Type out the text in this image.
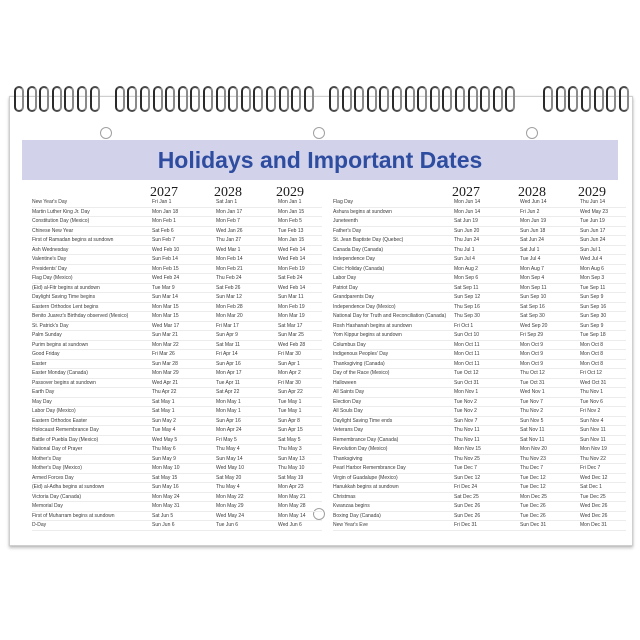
Holidays and Important Dates
2027	2028 2029	2027	2028 2029
New Year's Day	Fri Jan 1	Sat Jan 1	Mon Jan 1
Martin Luther King Jr. Day	Mon Jan 18	Mon Jan 17	Mon Jan 15
Constitution Day (Mexico)	Mon Feb 1	Mon Feb 7	Mon Feb 5
Chinese New Year	Sat Feb 6	Wed Jan 26	Tue Feb 13
First of Ramadan begins at sundown	Sun Feb 7	Thu Jan 27	Mon Jan 15
Ash Wednesday	Wed Feb 10	Wed Mar 1	Wed Feb 14
Valentine's Day	Sun Feb 14	Mon Feb 14	Wed Feb 14
Presidents' Day	Mon Feb 15	Mon Feb 21	Mon Feb 19
Flag Day (Mexico)	Wed Feb 24	Thu Feb 24	Sat Feb 24
(Eid) al-Fitr begins at sundown	Tue Mar 9	Sat Feb 26	Wed Feb 14
Daylight Saving Time begins	Sun Mar 14	Sun Mar 12	Sun Mar 11
Eastern Orthodox Lent begins	Mon Mar 15	Mon Feb 28	Mon Feb 19
Benito Juarez's Birthday observed (Mexico)	Mon Mar 15	Mon Mar 20	Mon Mar 19
St. Patrick's Day	Wed Mar 17	Fri Mar 17	Sat Mar 17
Palm Sunday	Sun Mar 21	Sun Apr 9	Sun Mar 25
Purim begins at sundown	Mon Mar 22	Sat Mar 11	Wed Feb 28
Good Friday	Fri Mar 26	Fri Apr 14	Fri Mar 30
Easter	Sun Mar 28	Sun Apr 16	Sun Apr 1
Easter Monday (Canada)	Mon Mar 29	Mon Apr 17	Mon Apr 2
Passover begins at sundown	Wed Apr 21	Tue Apr 11	Fri Mar 30
Earth Day	Thu Apr 22	Sat Apr 22	Sun Apr 22
May Day	Sat May 1	Mon May 1	Tue May 1
Labor Day (Mexico)	Sat May 1	Mon May 1	Tue May 1
Eastern Orthodox Easter	Sun May 2	Sun Apr 16	Sun Apr 8
Holocaust Remembrance Day	Tue May 4	Mon Apr 24	Sun Apr 15
Battle of Puebla Day (Mexico)	Wed May 5	Fri May 5	Sat May 5
National Day of Prayer	Thu May 6	Thu May 4	Thu May 3
Mother's Day	Sun May 9	Sun May 14	Sun May 13
Mother's Day (Mexico)	Mon May 10	Wed May 10	Thu May 10
Armed Forces Day	Sat May 15	Sat May 20	Sat May 19
(Eid) al-Adha begins at sundown	Sun May 16	Thu May 4	Mon Apr 23
Victoria Day (Canada)	Mon May 24	Mon May 22	Mon May 21
Memorial Day	Mon May 31	Mon May 29	Mon May 28
First of Muharram begins at sundown	Sat Jun 5	Wed May 24	Mon May 14
D-Day	Sun Jun 6	Tue Jun 6	Wed Jun 6
Flag Day	Mon Jun 14	Wed Jun 14	Thu Jun 14
Ashura begins at sundown	Mon Jun 14	Fri Jun 2	Wed May 23
Juneteenth	Sat Jun 19	Mon Jun 19	Tue Jun 19
Father's Day	Sun Jun 20	Sun Jun 18	Sun Jun 17
St. Jean Baptiste Day (Quebec)	Thu Jun 24	Sat Jun 24	Sun Jun 24
Canada Day (Canada)	Thu Jul 1	Sat Jul 1	Sun Jul 1
Independence Day	Sun Jul 4	Tue Jul 4	Wed Jul 4
Civic Holiday (Canada)	Mon Aug 2	Mon Aug 7	Mon Aug 6
Labor Day	Mon Sep 6	Mon Sep 4	Mon Sep 3
Patriot Day	Sat Sep 11	Mon Sep 11	Tue Sep 11
Grandparents Day	Sun Sep 12	Sun Sep 10	Sun Sep 9
Independence Day (Mexico)	Thu Sep 16	Sat Sep 16	Sun Sep 16
National Day for Truth and Reconciliation (Canada)	Thu Sep 30	Sat Sep 30	Sun Sep 30
Rosh Hashanah begins at sundown	Fri Oct 1	Wed Sep 20	Sun Sep 9
Yom Kippur begins at sundown	Sun Oct 10	Fri Sep 29	Tue Sep 18
Columbus Day	Mon Oct 11	Mon Oct 9	Mon Oct 8
Indigenous Peoples' Day	Mon Oct 11	Mon Oct 9	Mon Oct 8
Thanksgiving (Canada)	Mon Oct 11	Mon Oct 9	Mon Oct 8
Day of the Race (Mexico)	Tue Oct 12	Thu Oct 12	Fri Oct 12
Halloween	Sun Oct 31	Tue Oct 31	Wed Oct 31
All Saints Day	Mon Nov 1	Wed Nov 1	Thu Nov 1
Election Day	Tue Nov 2	Tue Nov 7	Tue Nov 6
All Souls Day	Tue Nov 2	Thu Nov 2	Fri Nov 2
Daylight Saving Time ends	Sun Nov 7	Sun Nov 5	Sun Nov 4
Veterans Day	Thu Nov 11	Sat Nov 11	Sun Nov 11
Remembrance Day (Canada)	Thu Nov 11	Sat Nov 11	Sun Nov 11
Revolution Day (Mexico)	Mon Nov 15	Mon Nov 20	Mon Nov 19
Thanksgiving	Thu Nov 25	Thu Nov 23	Thu Nov 22
Pearl Harbor Remembrance Day	Tue Dec 7	Thu Dec 7	Fri Dec 7
Virgin of Guadalupe (Mexico)	Sun Dec 12	Tue Dec 12	Wed Dec 12
Hanukkah begins at sundown	Fri Dec 24	Tue Dec 12	Sat Dec 1
Christmas	Sat Dec 25	Mon Dec 25	Tue Dec 25
Kwanzaa begins	Sun Dec 26	Tue Dec 26	Wed Dec 26
Boxing Day (Canada)	Sun Dec 26	Tue Dec 26	Wed Dec 26
New Year's Eve	Fri Dec 31	Sun Dec 31	Mon Dec 31
